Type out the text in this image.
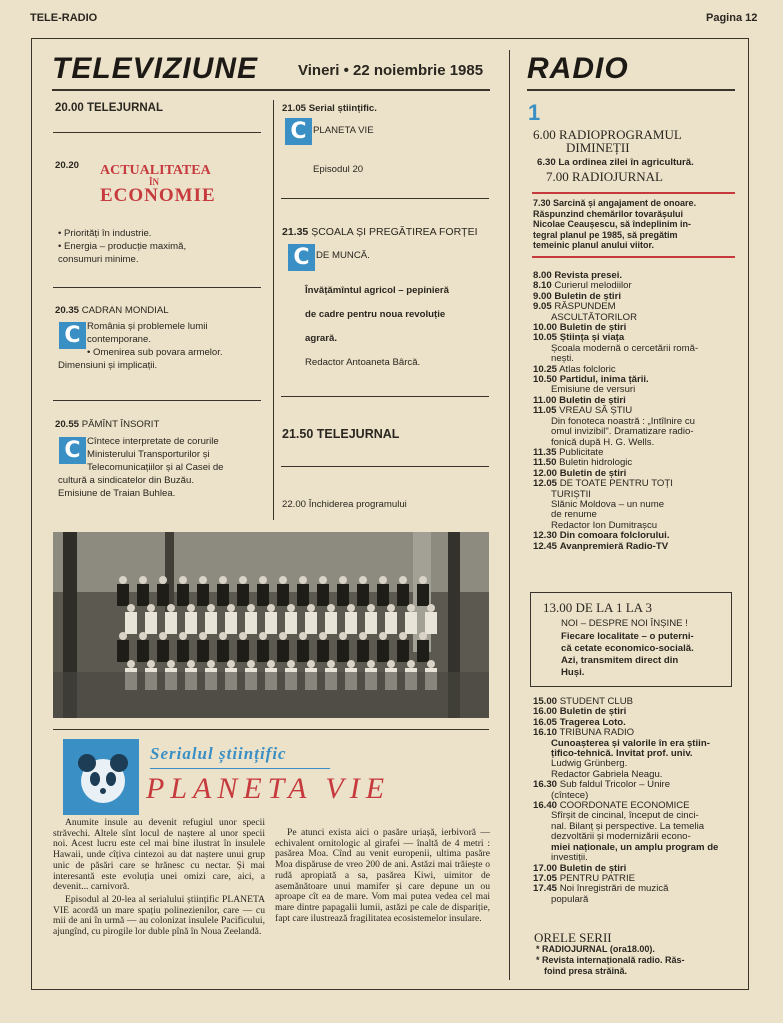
TELE-RADIO	Pagina 12
TELEVIZIUNE	Vineri • 22 noiembrie 1985
20.00 TELEJURNAL
20.20 ACTUALITATEA
ÎN
ECONOMIE
• Priorități în industrie.
• Energia – producție maximă,
consumuri minime.
20.35 CADRAN MONDIAL
C România și problemele lumii
contemporane.
• Omenirea sub povara armelor.
Dimensiuni și implicații.
20.55 PĂMÎNT ÎNSORIT
C Cîntece interpretate de corurile
Ministerului Transporturilor și
Telecomunicațiilor și al Casei de
cultură a sindicatelor din Buzău.
Emisiune de Traian Buhlea.
21.05 Serial științific.
C PLANETA VIE
Episodul 20
21.35 ȘCOALA ȘI PREGĂTIREA FORȚEI
C DE MUNCĂ.
Învățămîntul agricol – pepinieră
de cadre pentru noua revoluție
agrară.
Redactor Antoaneta Bârcă.
21.50 TELEJURNAL
22.00 Închiderea programului
Serialul științific
PLANETA VIE
Anumite insule au devenit refugiul unor specii străvechi. Altele sînt locul de naștere al unor specii noi. Acest lucru este cel mai bine ilustrat în insulele Hawaii, unde cîțiva cintezoi au dat naștere unui grup unic de păsări care se hrănesc cu nectar. Și mai interesantă este evoluția unei omizi care, aici, a devenit... carnivoră.
Episodul al 20-lea al serialului științific PLANETA VIE acordă un mare spațiu polinezienilor, care — cu mii de ani în urmă — au colonizat insulele Pacificului, ajungînd, cu pirogile lor duble pînă în Noua Zeelandă.
Pe atunci exista aici o pasăre uriașă, ierbivoră — echivalent ornitologic al girafei — înaltă de 4 metri : pasărea Moa. Cînd au venit europenii, ultima pasăre Moa dispăruse de vreo 200 de ani. Astăzi mai trăiește o rudă apropiată a sa, pasărea Kiwi, uimitor de asemănătoare unui mamifer și care depune un ou aproape cît ea de mare. Vom mai putea vedea cel mai mare dintre papagalii lumii, astăzi pe cale de dispariție, fapt care ilustrează fragilitatea ecosistemelor insulare.
RADIO
1
6.00 RADIOPROGRAMUL
DIMINEȚII
6.30 La ordinea zilei în agricultură.
7.00 RADIOJURNAL
7.30 Sarcină și angajament de onoare.
Răspunzind chemărilor tovarășului
Nicolae Ceaușescu, să îndeplinim in-
tegral planul pe 1985, să pregătim
temeinic planul anului viitor.
8.00 Revista presei.
8.10 Curierul melodiilor
9.00 Buletin de știri
9.05 RĂSPUNDEM
ASCULTĂTORILOR
10.00 Buletin de știri
10.05 Știința și viața
Școala modernă o cercetării romă-
nești.
10.25 Atlas folcloric
10.50 Partidul, inima țării.
Emisiune de versuri
11.00 Buletin de știri
11.05 VREAU SĂ ȘTIU
Din fonoteca noastră : „Intîlnire cu
omul invizibil". Dramatizare radio-
fonică după H. G. Wells.
11.35 Publicitate
11.50 Buletin hidrologic
12.00 Buletin de știri
12.05 DE TOATE PENTRU TOȚI
TURIȘTII
Slănic Moldova – un nume
de renume
Redactor Ion Dumitrașcu
12.30 Din comoara folclorului.
12.45 Avanpremieră Radio-TV
13.00 DE LA 1 LA 3
NOI – DESPRE NOI ÎNȘINE !
Fiecare localitate – o puterni-
că cetate economico-socială.
Azi, transmitem direct din
Huși.
15.00 STUDENT CLUB
16.00 Buletin de știri
16.05 Tragerea Loto.
16.10 TRIBUNA RADIO
Cunoașterea și valorile în era știin-
țifico-tehnică. Invitat prof. univ.
Ludwig Grünberg.
Redactor Gabriela Neagu.
16.30 Sub faldul Tricolor – Unire
(cîntece)
16.40 COORDONATE ECONOMICE
Sfîrșit de cincinal, început de cinci-
nal. Bilanț și perspective. La temelia
dezvoltării și modernizării econo-
miei naționale, un amplu program de
investiții.
17.00 Buletin de știri
17.05 PENTRU PATRIE
17.45 Noi înregistrări de muzică
populară
ORELE SERII
* RADIOJURNAL (ora18.00).
* Revista internațională radio. Răs-
foind presa străină.
